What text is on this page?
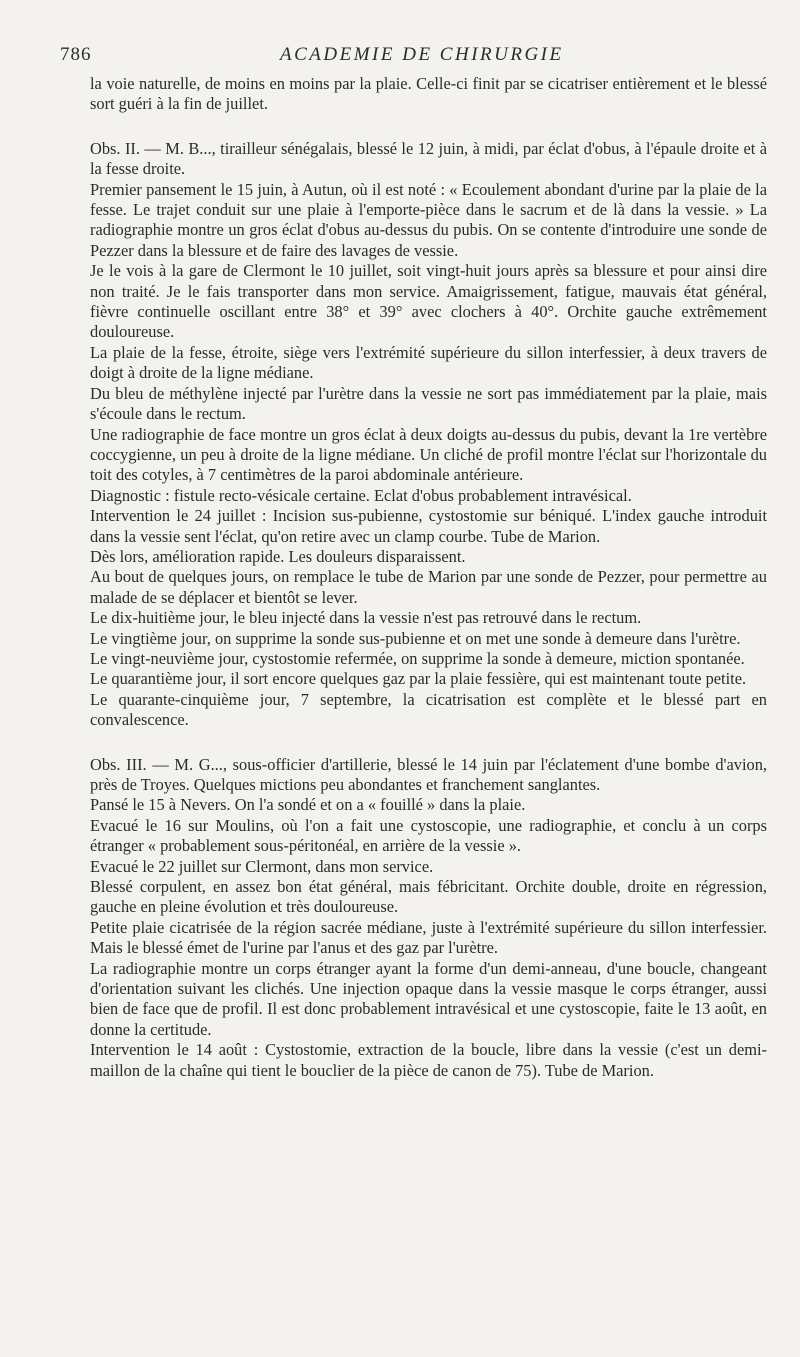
786	ACADEMIE DE CHIRURGIE

la voie naturelle, de moins en moins par la plaie. Celle-ci finit par se cicatriser entièrement et le blessé sort guéri à la fin de juillet.

Obs. II. — M. B..., tirailleur sénégalais, blessé le 12 juin, à midi, par éclat d'obus, à l'épaule droite et à la fesse droite.

Premier pansement le 15 juin, à Autun, où il est noté : « Ecoulement abondant d'urine par la plaie de la fesse. Le trajet conduit sur une plaie à l'emporte-pièce dans le sacrum et de là dans la vessie. » La radiographie montre un gros éclat d'obus au-dessus du pubis. On se contente d'introduire une sonde de Pezzer dans la blessure et de faire des lavages de vessie.

Je le vois à la gare de Clermont le 10 juillet, soit vingt-huit jours après sa blessure et pour ainsi dire non traité. Je le fais transporter dans mon service. Amaigrissement, fatigue, mauvais état général, fièvre continuelle oscillant entre 38° et 39° avec clochers à 40°. Orchite gauche extrêmement douloureuse.

La plaie de la fesse, étroite, siège vers l'extrémité supérieure du sillon interfessier, à deux travers de doigt à droite de la ligne médiane.

Du bleu de méthylène injecté par l'urètre dans la vessie ne sort pas immédiatement par la plaie, mais s'écoule dans le rectum.

Une radiographie de face montre un gros éclat à deux doigts au-dessus du pubis, devant la 1re vertèbre coccygienne, un peu à droite de la ligne médiane. Un cliché de profil montre l'éclat sur l'horizontale du toit des cotyles, à 7 centimètres de la paroi abdominale antérieure.

Diagnostic : fistule recto-vésicale certaine. Eclat d'obus probablement intravésical.

Intervention le 24 juillet : Incision sus-pubienne, cystostomie sur béniqué. L'index gauche introduit dans la vessie sent l'éclat, qu'on retire avec un clamp courbe. Tube de Marion.

Dès lors, amélioration rapide. Les douleurs disparaissent.

Au bout de quelques jours, on remplace le tube de Marion par une sonde de Pezzer, pour permettre au malade de se déplacer et bientôt se lever.

Le dix-huitième jour, le bleu injecté dans la vessie n'est pas retrouvé dans le rectum.

Le vingtième jour, on supprime la sonde sus-pubienne et on met une sonde à demeure dans l'urètre.

Le vingt-neuvième jour, cystostomie refermée, on supprime la sonde à demeure, miction spontanée.

Le quarantième jour, il sort encore quelques gaz par la plaie fessière, qui est maintenant toute petite.

Le quarante-cinquième jour, 7 septembre, la cicatrisation est complète et le blessé part en convalescence.

Obs. III. — M. G..., sous-officier d'artillerie, blessé le 14 juin par l'éclatement d'une bombe d'avion, près de Troyes. Quelques mictions peu abondantes et franchement sanglantes.

Pansé le 15 à Nevers. On l'a sondé et on a « fouillé » dans la plaie.

Evacué le 16 sur Moulins, où l'on a fait une cystoscopie, une radiographie, et conclu à un corps étranger « probablement sous-péritonéal, en arrière de la vessie ».

Evacué le 22 juillet sur Clermont, dans mon service.

Blessé corpulent, en assez bon état général, mais fébricitant. Orchite double, droite en régression, gauche en pleine évolution et très douloureuse.

Petite plaie cicatrisée de la région sacrée médiane, juste à l'extrémité supérieure du sillon interfessier. Mais le blessé émet de l'urine par l'anus et des gaz par l'urètre.

La radiographie montre un corps étranger ayant la forme d'un demi-anneau, d'une boucle, changeant d'orientation suivant les clichés. Une injection opaque dans la vessie masque le corps étranger, aussi bien de face que de profil. Il est donc probablement intravésical et une cystoscopie, faite le 13 août, en donne la certitude.

Intervention le 14 août : Cystostomie, extraction de la boucle, libre dans la vessie (c'est un demi-maillon de la chaîne qui tient le bouclier de la pièce de canon de 75). Tube de Marion.
